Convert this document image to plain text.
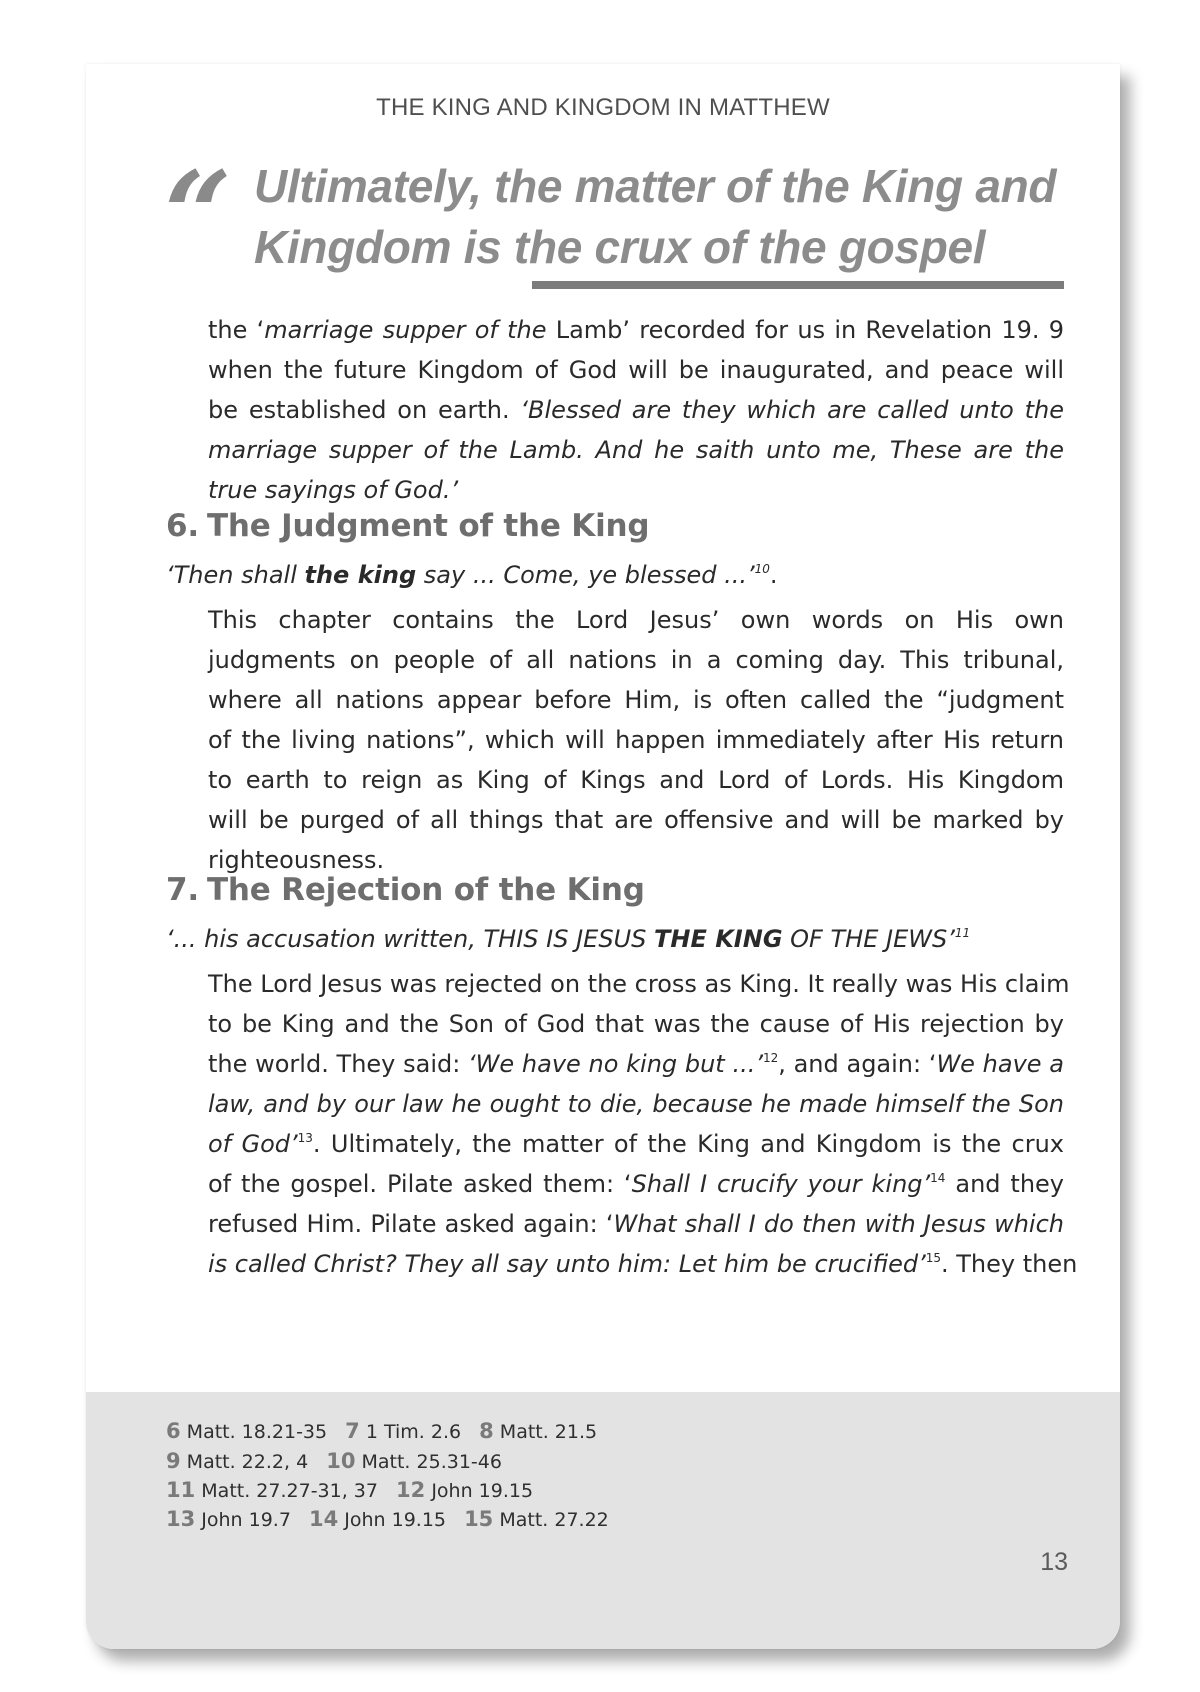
THE KING AND KINGDOM IN MATTHEW
“ Ultimately, the matter of the King and
Kingdom is the crux of the gospel
the ‘marriage supper of the Lamb’ recorded for us in Revelation 19. 9
when the future Kingdom of God will be inaugurated, and peace will
be established on earth. ‘Blessed are they which are called unto the
marriage supper of the Lamb. And he saith unto me, These are the
true sayings of God.’
6. The Judgment of the King
‘Then shall the king say ... Come, ye blessed ...’$^{10}$.
This chapter contains the Lord Jesus’ own words on His own
judgments on people of all nations in a coming day. This tribunal,
where all nations appear before Him, is often called the “judgment
of the living nations”, which will happen immediately after His return
to earth to reign as King of Kings and Lord of Lords. His Kingdom
will be purged of all things that are offensive and will be marked by
righteousness.
7. The Rejection of the King
‘... his accusation written, THIS IS JESUS THE KING OF THE JEWS’$^{11}$
The Lord Jesus was rejected on the cross as King. It really was His claim
to be King and the Son of God that was the cause of His rejection by
the world. They said: ‘We have no king but ...’$^{12}$, and again: ‘We have a
law, and by our law he ought to die, because he made himself the Son
of God’$^{13}$. Ultimately, the matter of the King and Kingdom is the crux
of the gospel. Pilate asked them: ‘Shall I crucify your king’$^{14}$ and they
refused Him. Pilate asked again: ‘What shall I do then with Jesus which
is called Christ? They all say unto him: Let him be crucified’$^{15}$. They then
6 Matt. 18.21-35 7 1 Tim. 2.6 8 Matt. 21.5
9 Matt. 22.2, 4 10 Matt. 25.31-46
11 Matt. 27.27-31, 37 12 John 19.15
13 John 19.7 14 John 19.15 15 Matt. 27.22
13
